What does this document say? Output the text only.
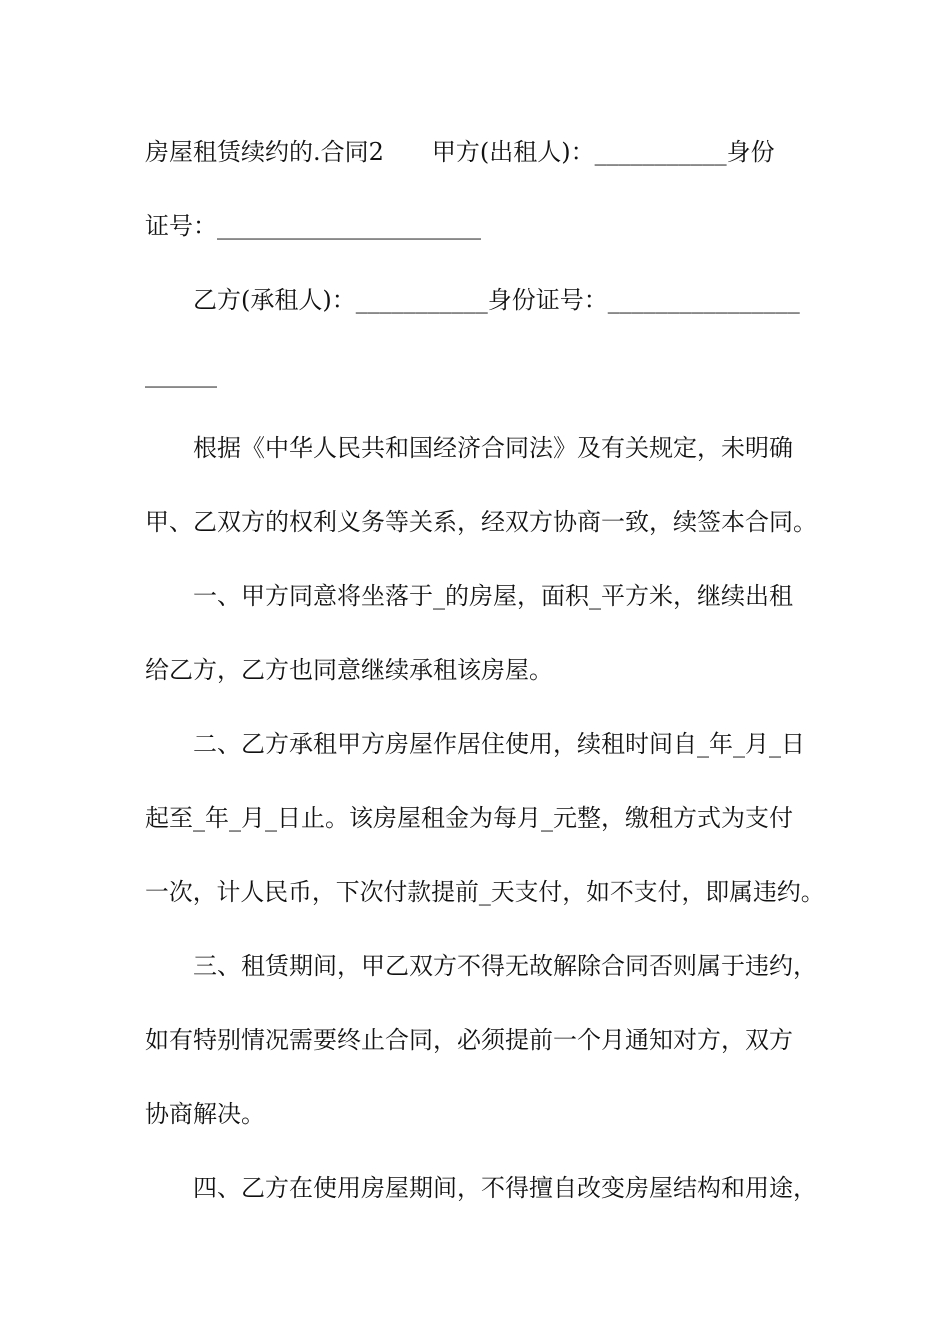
房屋租赁续约的.合同2　　甲方(出租人)：___________身份
证号：______________________
乙方(承租人)：___________身份证号：________________
______
根据《中华人民共和国经济合同法》及有关规定，未明确
甲、乙双方的权利义务等关系，经双方协商一致，续签本合同。
一、甲方同意将坐落于_的房屋，面积_平方米，继续出租
给乙方，乙方也同意继续承租该房屋。
二、乙方承租甲方房屋作居住使用，续租时间自_年_月_日
起至_年_月_日止。该房屋租金为每月_元整，缴租方式为支付
一次，计人民币，下次付款提前_天支付，如不支付，即属违约。
三、租赁期间，甲乙双方不得无故解除合同否则属于违约，
如有特别情况需要终止合同，必须提前一个月通知对方，双方
协商解决。
四、乙方在使用房屋期间，不得擅自改变房屋结构和用途，
